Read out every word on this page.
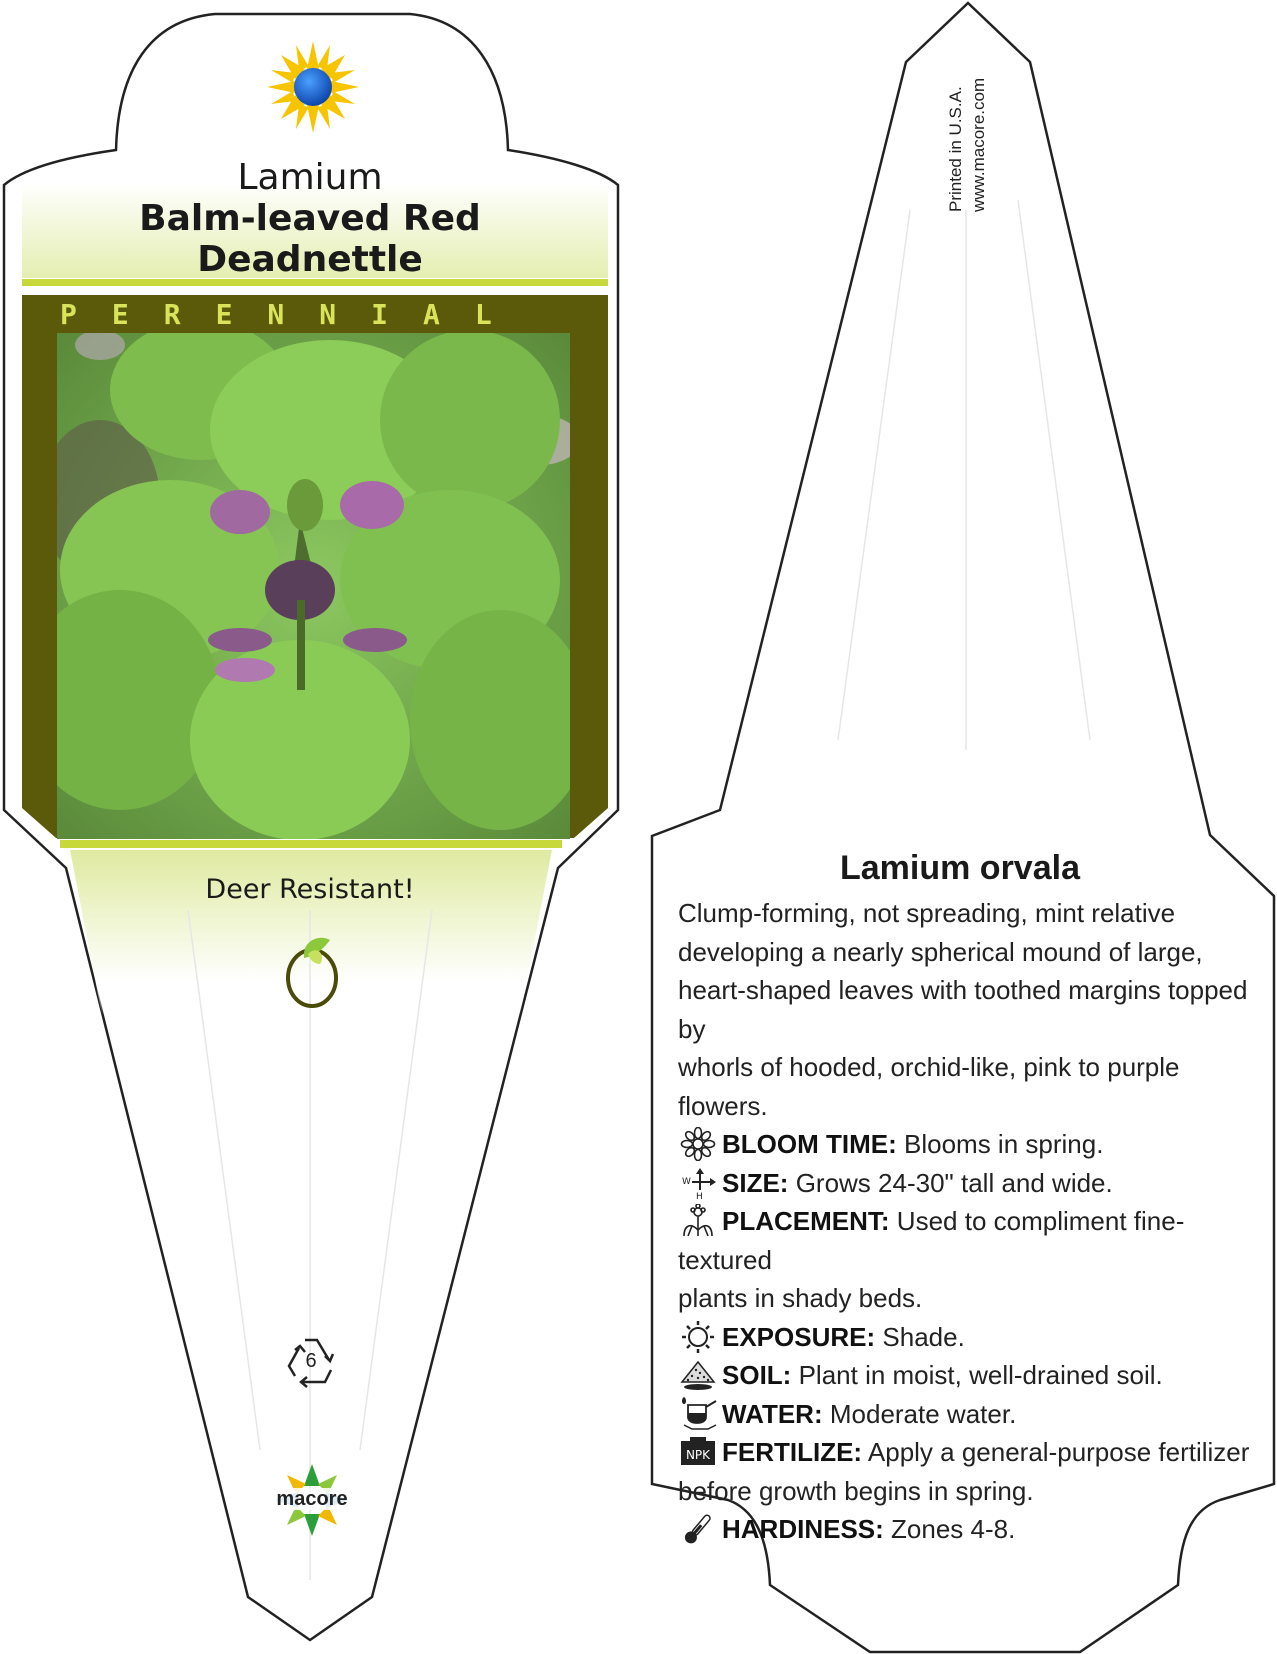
Lamium
Balm-leaved Red
Deadnettle
PERENNIAL
Deer Resistant!
6
macore
Printed in U.S.A. www.macore.com
Lamium orvala
Clump-forming, not spreading, mint relative
developing a nearly spherical mound of large,
heart-shaped leaves with toothed margins topped by
whorls of hooded, orchid-like, pink to purple flowers.
BLOOM TIME: Blooms in spring.
W
H SIZE: Grows 24-30" tall and wide.
PLACEMENT: Used to compliment fine-textured
plants in shady beds.
EXPOSURE: Shade.
SOIL: Plant in moist, well-drained soil.
WATER: Moderate water.
NPK FERTILIZE: Apply a general-purpose fertilizer
before growth begins in spring.
HARDINESS: Zones 4-8.
